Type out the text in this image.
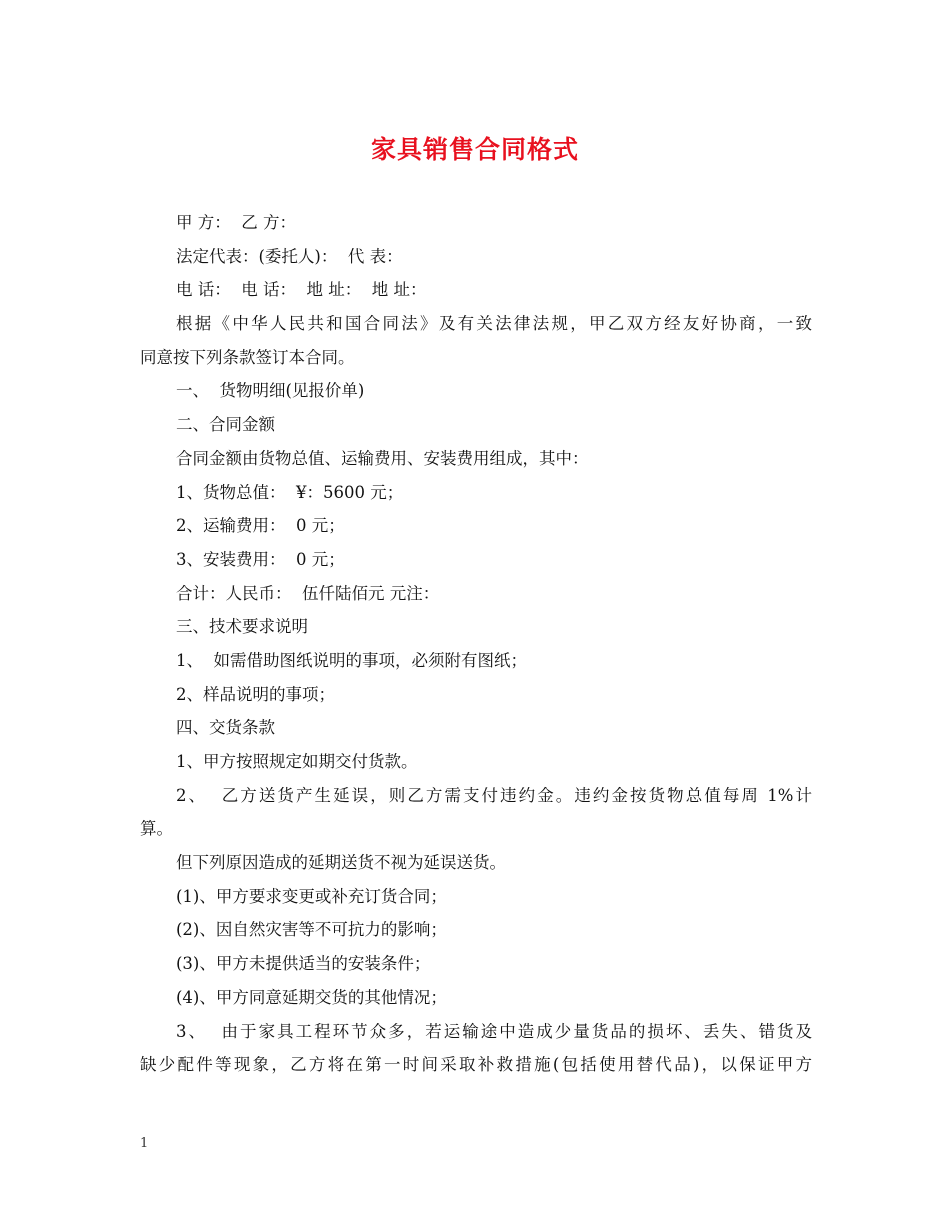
家具销售合同格式
甲 方：  乙 方：
法定代表：(委托人)：  代 表：
电 话：  电 话：  地 址：  地 址：
根据《中华人民共和国合同法》及有关法律法规，甲乙双方经友好协商，一致
同意按下列条款签订本合同。
一、  货物明细(见报价单)
二、合同金额
合同金额由货物总值、运输费用、安装费用组成，其中：
1、货物总值：  ¥：5600 元；
2、运输费用：  0 元；
3、安装费用：  0 元；
合计：人民币：  伍仟陆佰元 元注：
三、技术要求说明
1、  如需借助图纸说明的事项，必须附有图纸；
2、样品说明的事项；
四、交货条款
1、甲方按照规定如期交付货款。
2、  乙方送货产生延误，则乙方需支付违约金。违约金按货物总值每周 1%计
算。
但下列原因造成的延期送货不视为延误送货。
(1)、甲方要求变更或补充订货合同；
(2)、因自然灾害等不可抗力的影响；
(3)、甲方未提供适当的安装条件；
(4)、甲方同意延期交货的其他情况；
3、  由于家具工程环节众多，若运输途中造成少量货品的损坏、丢失、错货及
缺少配件等现象，乙方将在第一时间采取补救措施(包括使用替代品)，以保证甲方
1
